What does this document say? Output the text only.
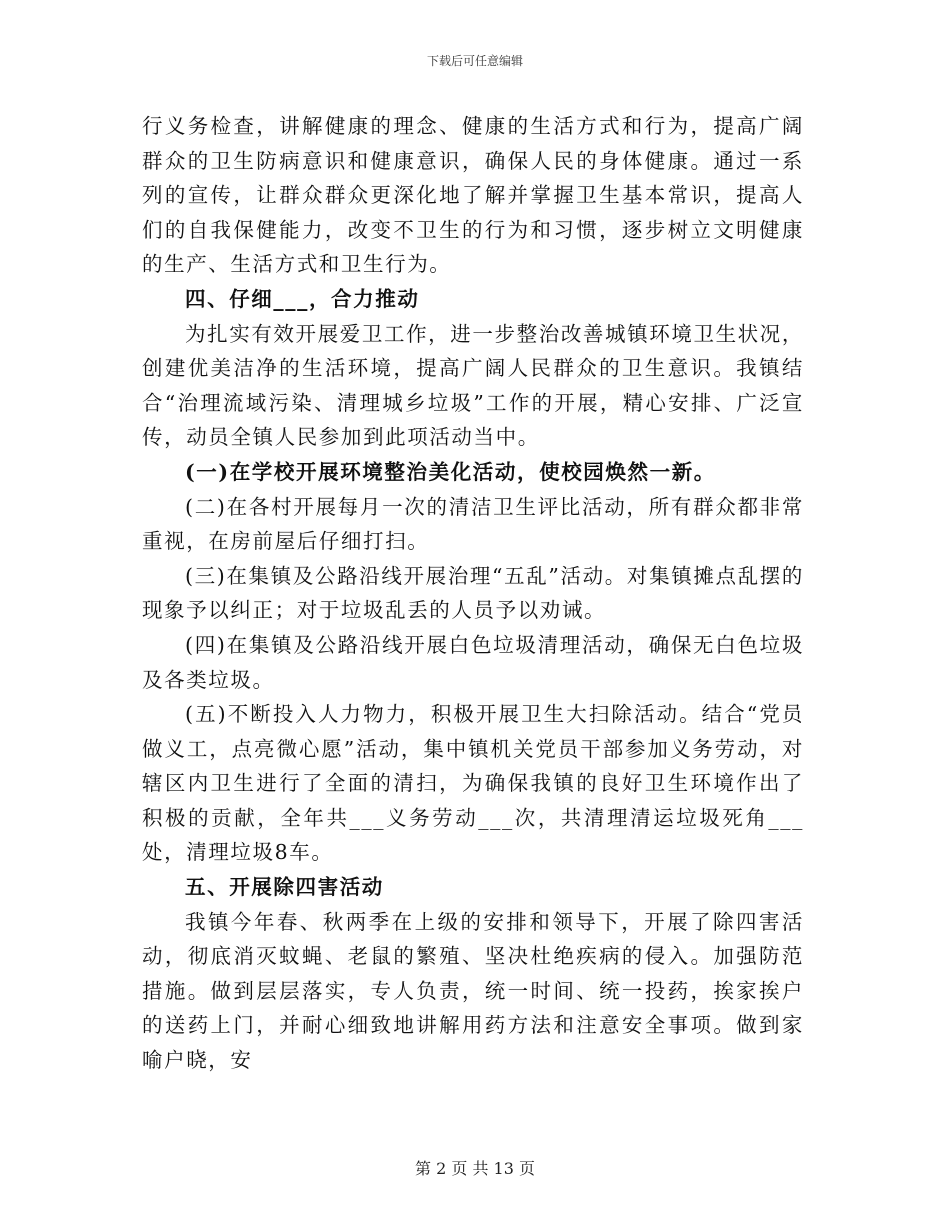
下载后可任意编辑

行义务检查，讲解健康的理念、健康的生活方式和行为，提高广阔群众的卫生防病意识和健康意识，确保人民的身体健康。通过一系列的宣传，让群众群众更深化地了解并掌握卫生基本常识，提高人们的自我保健能力，改变不卫生的行为和习惯，逐步树立文明健康的生产、生活方式和卫生行为。

四、仔细___，合力推动

为扎实有效开展爱卫工作，进一步整治改善城镇环境卫生状况，创建优美洁净的生活环境，提高广阔人民群众的卫生意识。我镇结合“治理流域污染、清理城乡垃圾”工作的开展，精心安排、广泛宣传，动员全镇人民参加到此项活动当中。

(一)在学校开展环境整治美化活动，使校园焕然一新。

(二)在各村开展每月一次的清洁卫生评比活动，所有群众都非常重视，在房前屋后仔细打扫。

(三)在集镇及公路沿线开展治理“五乱”活动。对集镇摊点乱摆的现象予以纠正；对于垃圾乱丢的人员予以劝诫。

(四)在集镇及公路沿线开展白色垃圾清理活动，确保无白色垃圾及各类垃圾。

(五)不断投入人力物力，积极开展卫生大扫除活动。结合“党员做义工，点亮微心愿”活动，集中镇机关党员干部参加义务劳动，对辖区内卫生进行了全面的清扫，为确保我镇的良好卫生环境作出了积极的贡献，全年共___义务劳动___次，共清理清运垃圾死角___处，清理垃圾8车。

五、开展除四害活动

我镇今年春、秋两季在上级的安排和领导下，开展了除四害活动，彻底消灭蚊蝇、老鼠的繁殖、坚决杜绝疾病的侵入。加强防范措施。做到层层落实，专人负责，统一时间、统一投药，挨家挨户的送药上门，并耐心细致地讲解用药方法和注意安全事项。做到家喻户晓，安

第 2 页 共 13 页
